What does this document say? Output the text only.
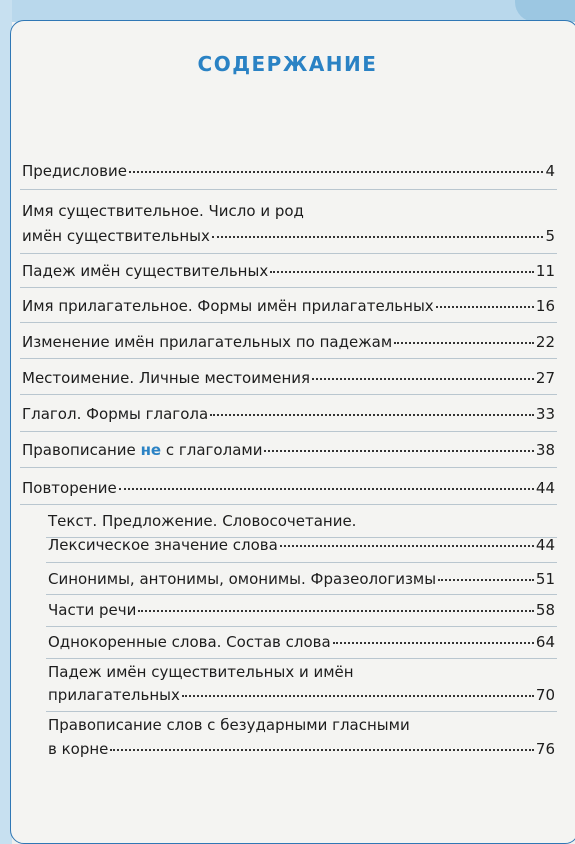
СОДЕРЖАНИЕ
Предисловие	4
Имя существительное. Число и род
имён существительных	5
Падеж имён существительных	11
Имя прилагательное. Формы имён прилагательных	16
Изменение имён прилагательных по падежам	22
Местоимение. Личные местоимения	27
Глагол. Формы глагола	33
Правописание не с глаголами	38
Повторение	44
Текст. Предложение. Словосочетание.
Лексическое значение слова	44
Синонимы, антонимы, омонимы. Фразеологизмы	51
Части речи	58
Однокоренные слова. Состав слова	64
Падеж имён существительных и имён
прилагательных	70
Правописание слов с безударными гласными
в корне	76
